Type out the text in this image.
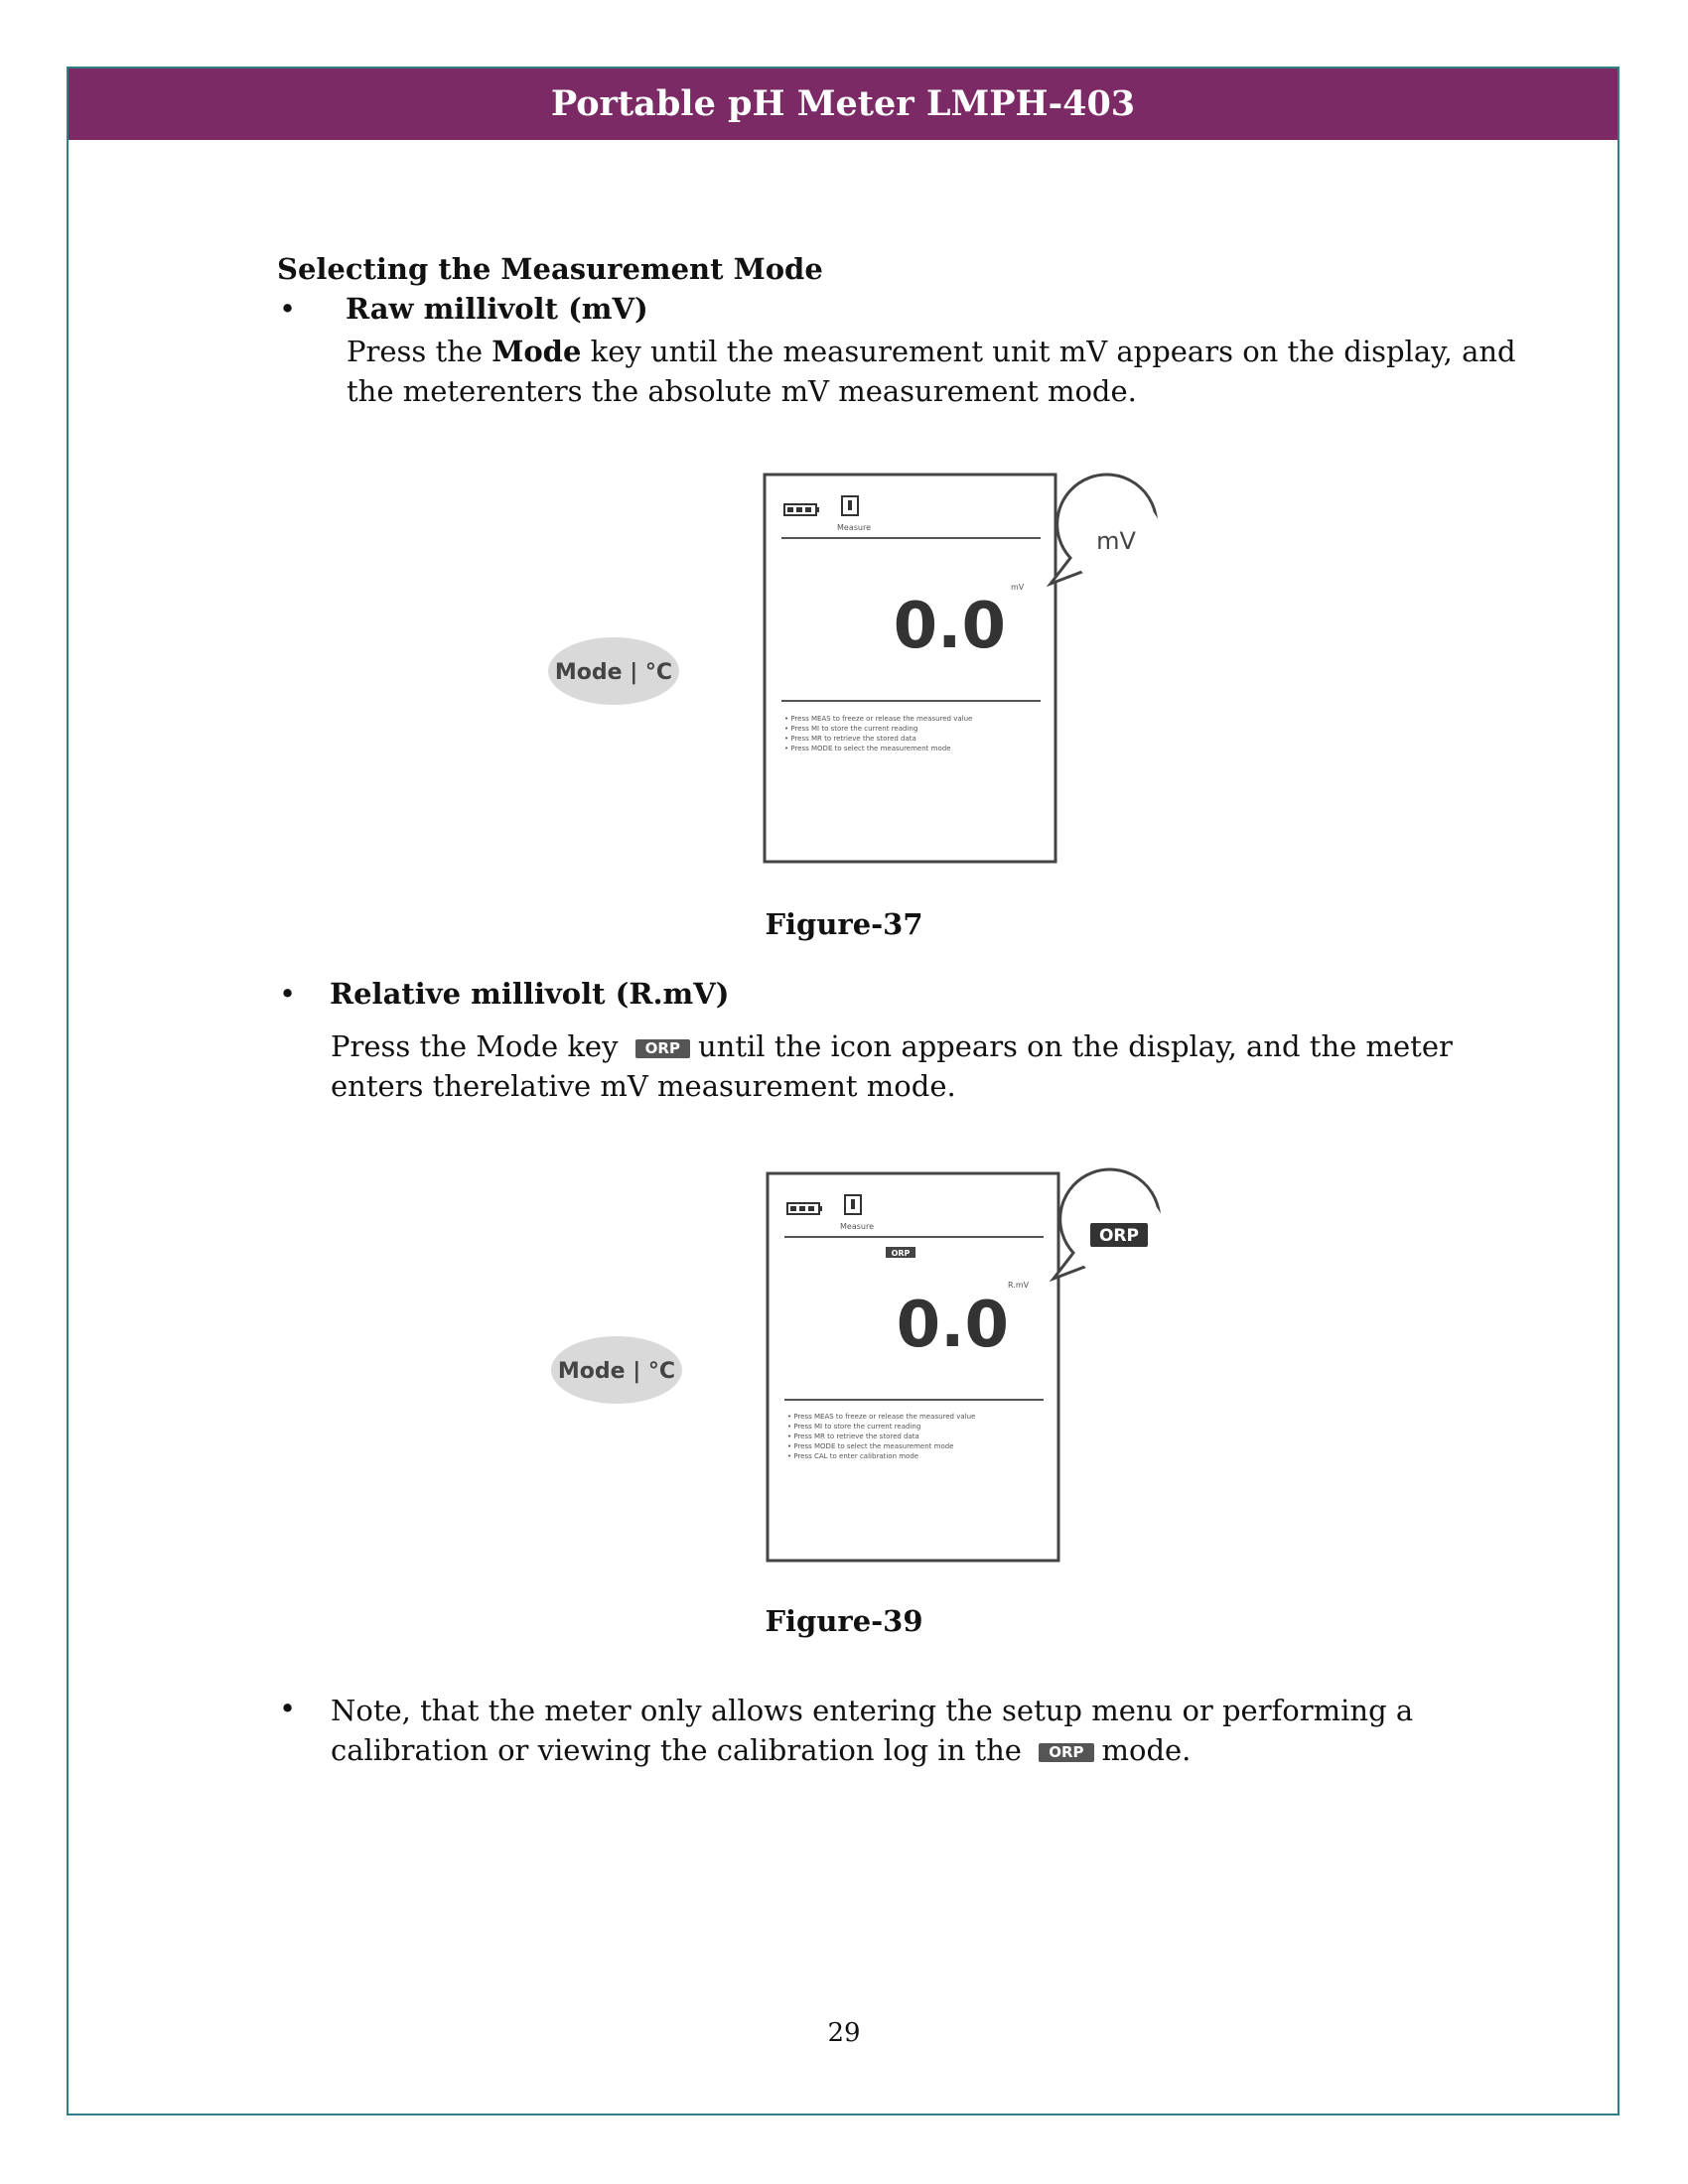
Portable pH Meter LMPH-403
Selecting the Measurement Mode
• Raw millivolt (mV)
Press the Mode key until the measurement unit mV appears on the display, and the meterenters the absolute mV measurement mode.
Mode | °C
Measure
mV
0.0
• Press MEAS to freeze or release the measured value
• Press MI to store the current reading
• Press MR to retrieve the stored data
• Press MODE to select the measurement mode
mV
Figure-37
• Relative millivolt (R.mV)
Press the Mode key ORP until the icon appears on the display, and the meter enters therelative mV measurement mode.
Mode | °C
Measure
ORP
R.mV
0.0
• Press MEAS to freeze or release the measured value
• Press MI to store the current reading
• Press MR to retrieve the stored data
• Press MODE to select the measurement mode
• Press CAL to enter calibration mode
ORP
Figure-39
• Note, that the meter only allows entering the setup menu or performing a
calibration or viewing the calibration log in the ORP mode.
29
